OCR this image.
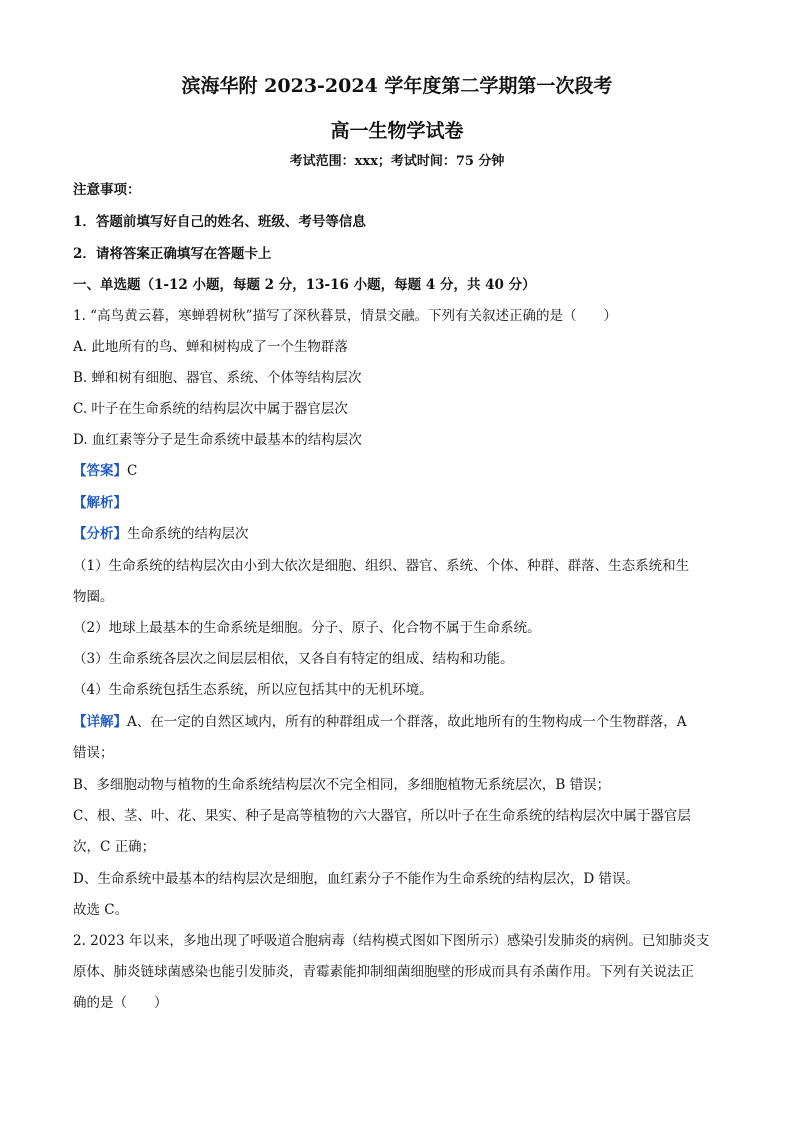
滨海华附 2023-2024 学年度第二学期第一次段考
高一生物学试卷
考试范围：xxx；考试时间：75 分钟
注意事项：
1．答题前填写好自己的姓名、班级、考号等信息
2．请将答案正确填写在答题卡上
一、单选题（1-12 小题，每题 2 分，13-16 小题，每题 4 分，共 40 分）
1. “高鸟黄云暮，寒蝉碧树秋”描写了深秋暮景，情景交融。下列有关叙述正确的是（　　）
A. 此地所有的鸟、蝉和树构成了一个生物群落
B. 蝉和树有细胞、器官、系统、个体等结构层次
C. 叶子在生命系统的结构层次中属于器官层次
D. 血红素等分子是生命系统中最基本的结构层次
【答案】C
【解析】
【分析】生命系统的结构层次
（1）生命系统的结构层次由小到大依次是细胞、组织、器官、系统、个体、种群、群落、生态系统和生
物圈。
（2）地球上最基本的生命系统是细胞。分子、原子、化合物不属于生命系统。
（3）生命系统各层次之间层层相依，又各自有特定的组成、结构和功能。
（4）生命系统包括生态系统，所以应包括其中的无机环境。
【详解】A、在一定的自然区域内，所有的种群组成一个群落，故此地所有的生物构成一个生物群落，A
错误；
B、多细胞动物与植物的生命系统结构层次不完全相同，多细胞植物无系统层次，B 错误；
C、根、茎、叶、花、果实、种子是高等植物的六大器官，所以叶子在生命系统的结构层次中属于器官层
次，C 正确；
D、生命系统中最基本的结构层次是细胞，血红素分子不能作为生命系统的结构层次，D 错误。
故选 C。
2. 2023 年以来，多地出现了呼吸道合胞病毒（结构模式图如下图所示）感染引发肺炎的病例。已知肺炎支
原体、肺炎链球菌感染也能引发肺炎，青霉素能抑制细菌细胞壁的形成而具有杀菌作用。下列有关说法正
确的是（　　）
